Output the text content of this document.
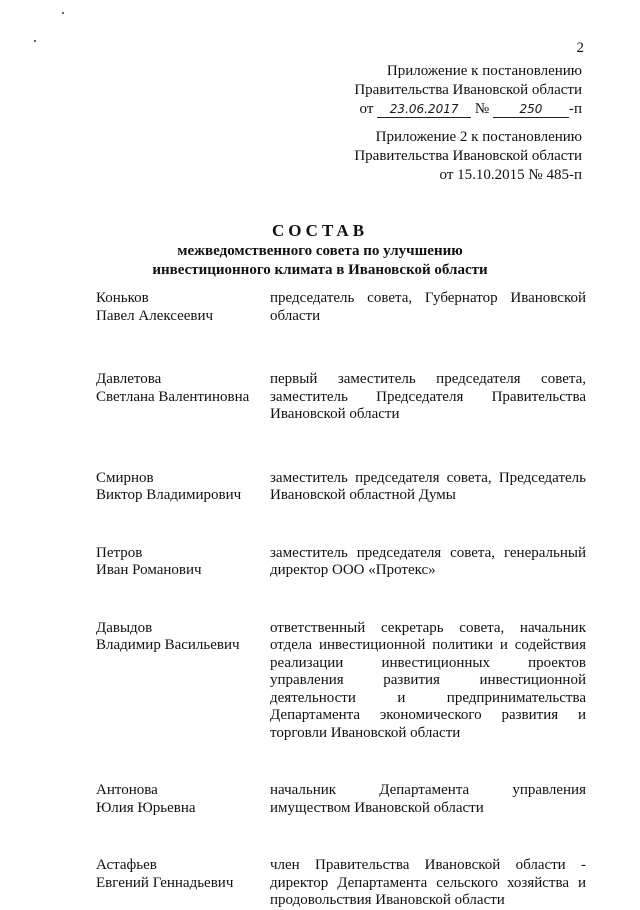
2
Приложение к постановлению
Правительства Ивановской области
от 23.06.2017 №	250 -п
Приложение 2 к постановлению
Правительства Ивановской области
от 15.10.2015 № 485-п
СОСТАВ
межведомственного совета по улучшению
инвестиционного климата в Ивановской области
Коньков
Павел Алексеевич
председатель совета, Губернатор Ивановской
области
Давлетова
Светлана Валентиновна
первый заместитель председателя совета,
заместитель Председателя Правительства
Ивановской области
Смирнов
Виктор Владимирович
заместитель председателя совета, Председатель
Ивановской областной Думы
Петров
Иван Романович
заместитель председателя совета, генеральный
директор ООО «Протекс»
Давыдов
Владимир Васильевич
ответственный секретарь совета, начальник
отдела инвестиционной политики и содействия
реализации инвестиционных проектов
управления развития инвестиционной
деятельности и предпринимательства
Департамента экономического развития и
торговли Ивановской области
Антонова
Юлия Юрьевна
начальник Департамента управления
имуществом Ивановской области
Астафьев
Евгений Геннадьевич
член Правительства Ивановской области -
директор Департамента сельского хозяйства и
продовольствия Ивановской области
